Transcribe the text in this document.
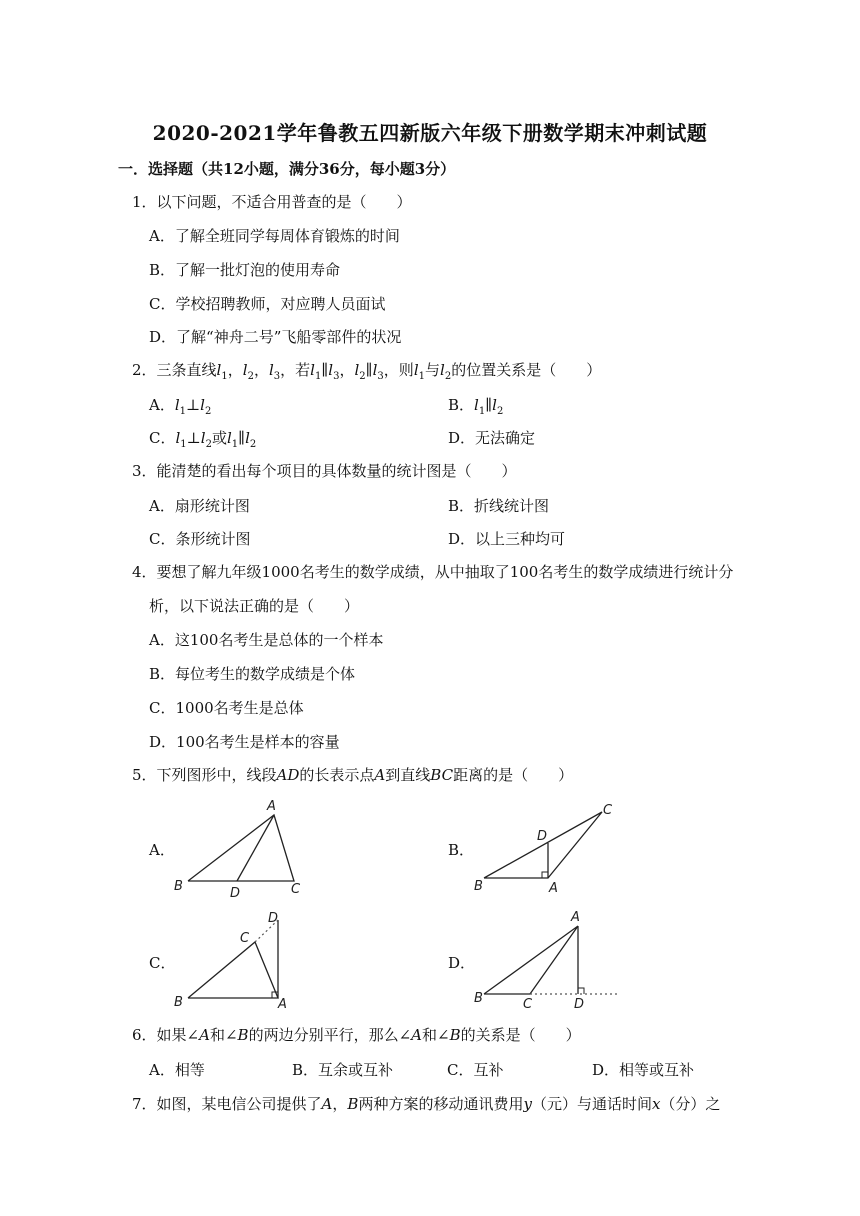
2020-2021学年鲁教五四新版六年级下册数学期末冲刺试题
一．选择题（共12小题，满分36分，每小题3分）
1．以下问题，不适合用普查的是（　　）
A．了解全班同学每周体育锻炼的时间
B．了解一批灯泡的使用寿命
C．学校招聘教师，对应聘人员面试
D．了解“神舟二号”飞船零部件的状况
2．三条直线$l_1$，$l_2$，$l_3$，若$l_1\parallel l_3$，$l_2\parallel l_3$，则$l_1$与$l_2$的位置关系是（　　）
A．$l_1\perp l_2$	B．$l_1\parallel l_2$
C．$l_1\perp l_2$或$l_1\parallel l_2$	D．无法确定
3．能清楚的看出每个项目的具体数量的统计图是（　　）
A．扇形统计图	B．折线统计图
C．条形统计图	D．以上三种均可
4．要想了解九年级1000名考生的数学成绩，从中抽取了100名考生的数学成绩进行统计分
析，以下说法正确的是（　　）
A．这100名考生是总体的一个样本
B．每位考生的数学成绩是个体
C．1000名考生是总体
D．100名考生是样本的容量
5．下列图形中，线段AD的长表示点A到直线BC距离的是（　　）
A．
A
B	D	C
B．
C
D
B	A
C．
D
C
B	A
D．
A
B	C	D
6．如果∠A和∠B的两边分别平行，那么∠A和∠B的关系是（　　）
A．相等	B．互余或互补	C．互补	D．相等或互补
7．如图，某电信公司提供了A，B两种方案的移动通讯费用y（元）与通话时间x（分）之
